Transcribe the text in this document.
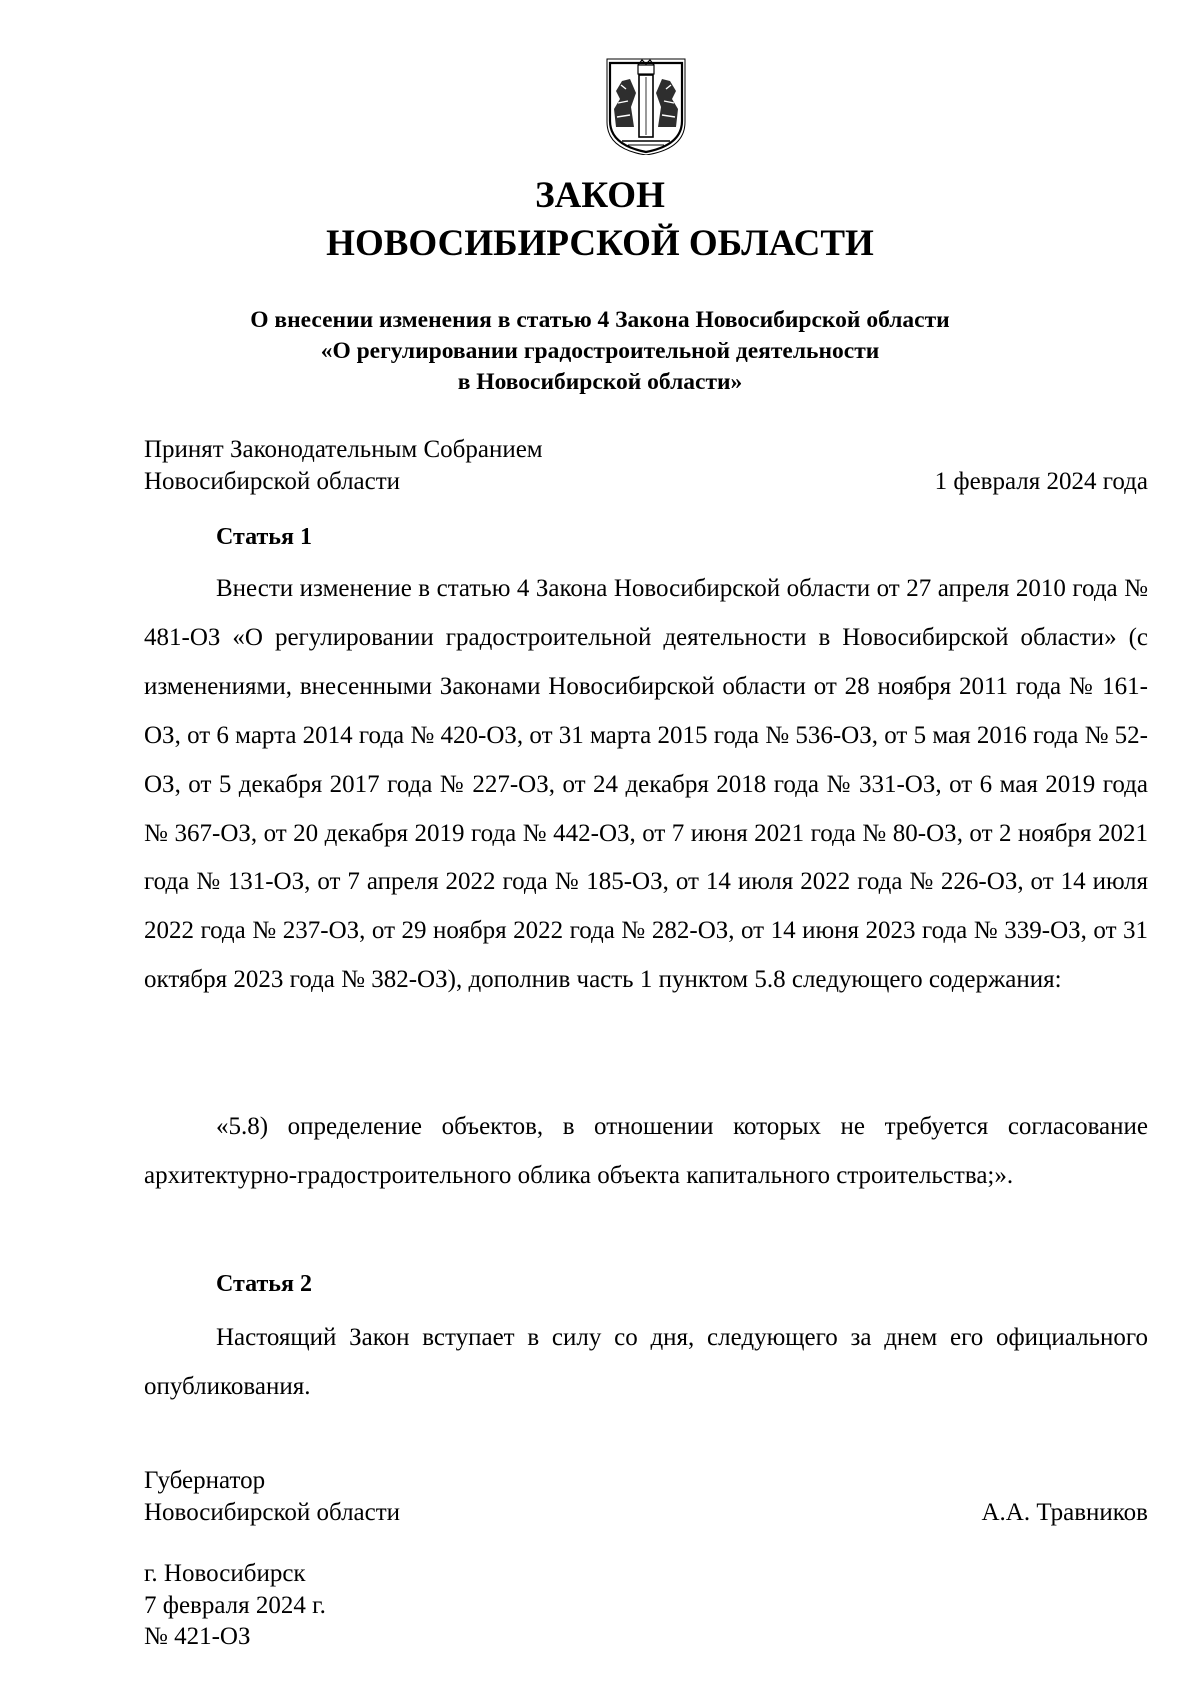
ЗАКОН
НОВОСИБИРСКОЙ ОБЛАСТИ

О внесении изменения в статью 4 Закона Новосибирской области

«О регулировании градостроительной деятельности

в Новосибирской области»

Принят Законодательным Собранием

Новосибирской области	1 февраля 2024 года

Статья 1

Внести изменение в статью 4 Закона Новосибирской области от 27 апреля 2010 года № 481-ОЗ «О регулировании градостроительной деятельности в Новосибирской области» (с изменениями, внесенными Законами Новосибирской области от 28 ноября 2011 года № 161-ОЗ, от 6 марта 2014 года № 420-ОЗ, от 31 марта 2015 года № 536-ОЗ, от 5 мая 2016 года № 52-ОЗ, от 5 декабря 2017 года № 227-ОЗ, от 24 декабря 2018 года № 331-ОЗ, от 6 мая 2019 года № 367-ОЗ, от 20 декабря 2019 года № 442-ОЗ, от 7 июня 2021 года № 80-ОЗ, от 2 ноября 2021 года № 131-ОЗ, от 7 апреля 2022 года № 185-ОЗ, от 14 июля 2022 года № 226-ОЗ, от 14 июля 2022 года № 237-ОЗ, от 29 ноября 2022 года № 282-ОЗ, от 14 июня 2023 года № 339-ОЗ, от 31 октября 2023 года № 382-ОЗ), дополнив часть 1 пунктом 5.8 следующего содержания:

«5.8) определение объектов, в отношении которых не требуется согласование архитектурно-градостроительного облика объекта капитального строительства;».

Статья 2

Настоящий Закон вступает в силу со дня, следующего за днем его официального опубликования.

Губернатор

Новосибирской области	А.А. Травников

г. Новосибирск

7 февраля 2024 г.

№ 421-ОЗ
